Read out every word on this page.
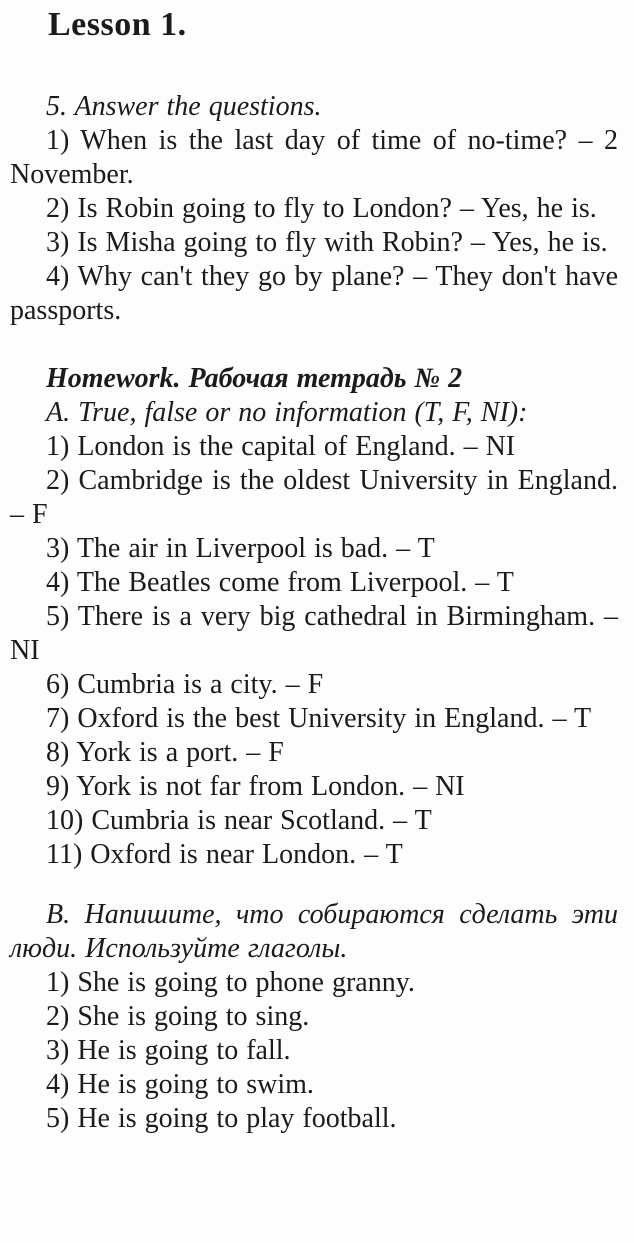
Lesson 1.

5. Answer the questions.

1) When is the last day of time of no-time? – 2 November.

2) Is Robin going to fly to London? – Yes, he is.

3) Is Misha going to fly with Robin? – Yes, he is.

4) Why can't they go by plane? – They don't have passports.

Homework. Рабочая тетрадь № 2

A. True, false or no information (T, F, NI):

1) London is the capital of England. – NI

2) Cambridge is the oldest University in England. – F

3) The air in Liverpool is bad. – T

4) The Beatles come from Liverpool. – T

5) There is a very big cathedral in Birmingham. – NI

6) Cumbria is a city. – F

7) Oxford is the best University in England. – T

8) York is a port. – F

9) York is not far from London. – NI

10) Cumbria is near Scotland. – T

11) Oxford is near London. – T

B. Напишите, что собираются сделать эти люди. Используйте глаголы.

1) She is going to phone granny.

2) She is going to sing.

3) He is going to fall.

4) He is going to swim.

5) He is going to play football.
